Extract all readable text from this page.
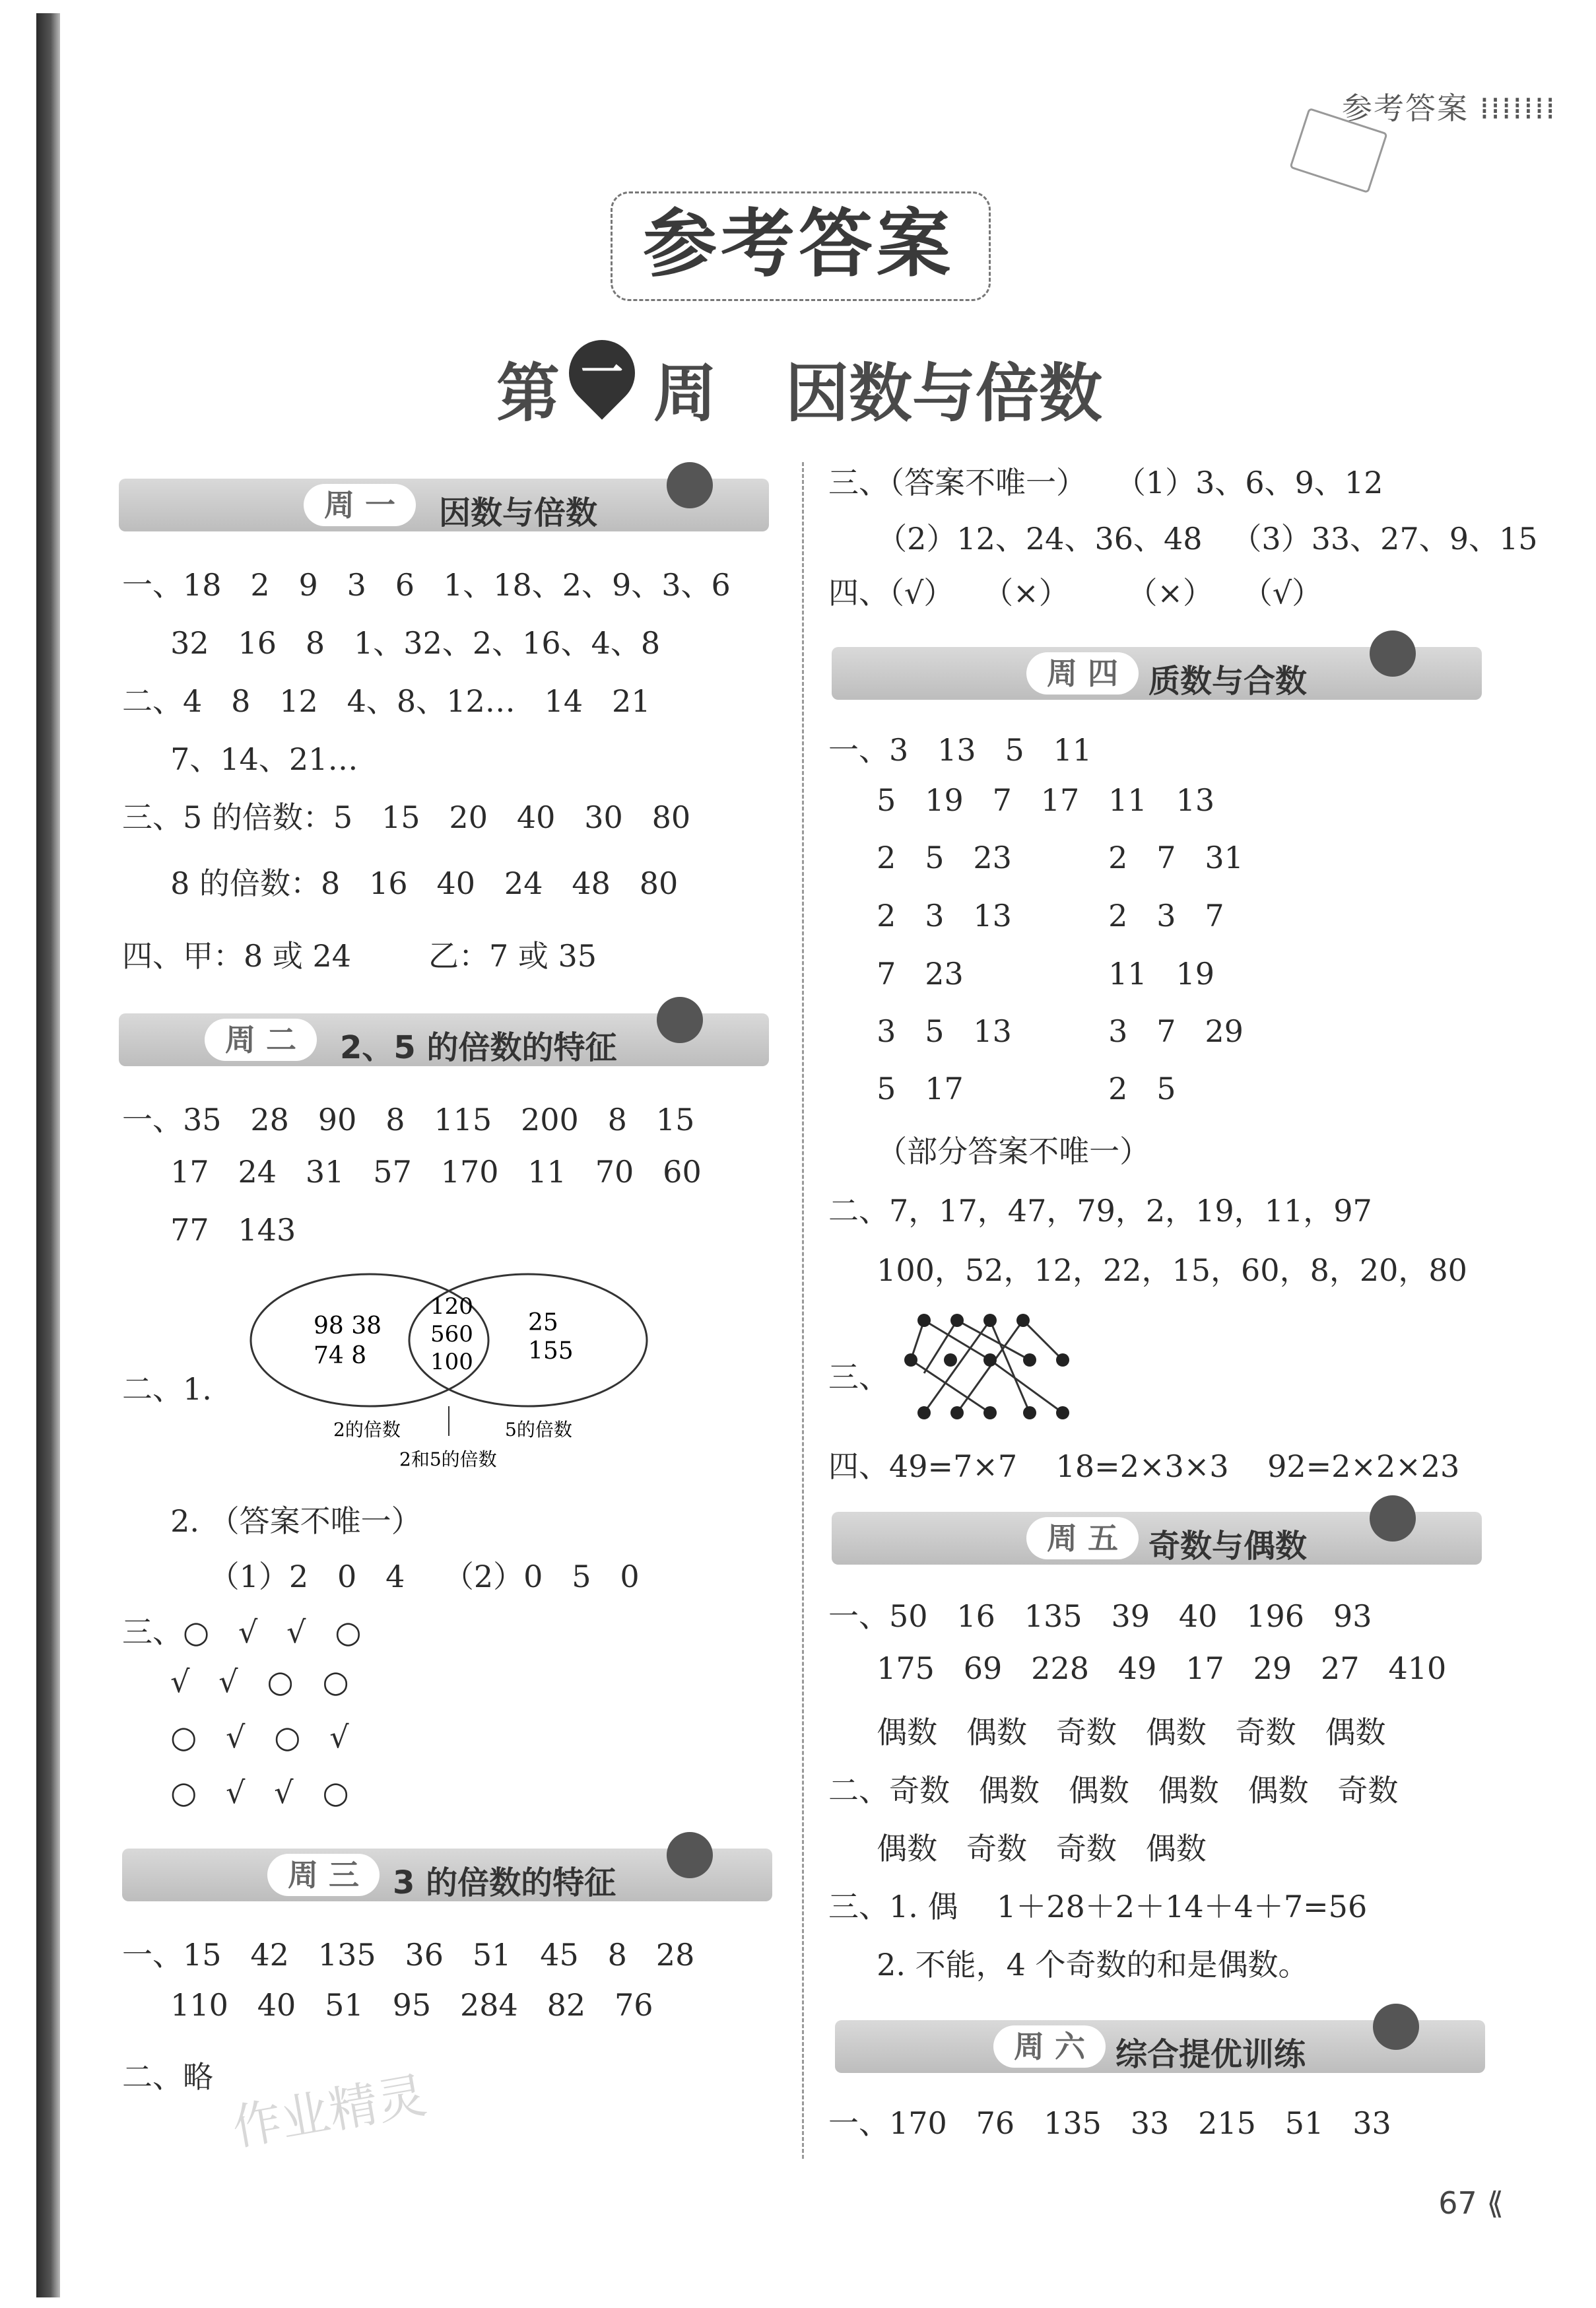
参考答案 ⁞⁞⁞⁞⁞⁞⁞
参考答案
第 一 周 因数与倍数
周 一	因数与倍数
一、18   2   9   3   6   1、18、2、9、3、6
32   16   8   1、32、2、16、4、8
二、4   8   12   4、8、12…   14   21
7、14、21…
三、5 的倍数：5   15   20   40   30   80
8 的倍数：8   16   40   24   48   80
四、甲：8 或 24        乙：7 或 35
周 二	2、5 的倍数的特征
一、35   28   90   8   115   200   8   15
17   24   31   57   170   11   70   60
77   143
二、1.
98 38
74 8
120
560
100
25
155
2的倍数	5的倍数
2和5的倍数
2. （答案不唯一）
（1）2   0   4    （2）0   5   0
三、○   √   √   ○
√   √   ○   ○
○   √   ○   √
○   √   √   ○
周 三	3 的倍数的特征
一、15   42   135   36   51   45   8   28
110   40   51   95   284   82   76
二、略 作业精灵
三、（答案不唯一）   （1）3、6、9、12
（2）12、24、36、48   （3）33、27、9、15
四、（√）   （×）      （×）   （√）
周 四 质数与合数
一、3   13   5   11
5   19   7   17   11   13
2   5   23          2   7   31
2   3   13          2   3   7
7   23               11   19
3   5   13          3   7   29
5   17               2   5
（部分答案不唯一）
二、7，17，47，79，2，19，11，97
100，52，12，22，15，60，8，20，80
三、
四、49=7×7    18=2×3×3    92=2×2×23
周 五 奇数与偶数
一、50   16   135   39   40   196   93
175   69   228   49   17   29   27   410
偶数   偶数   奇数   偶数   奇数   偶数
二、奇数   偶数   偶数   偶数   偶数   奇数
偶数   奇数   奇数   偶数
三、1. 偶    1＋28＋2＋14＋4＋7=56
2. 不能，4 个奇数的和是偶数。
周 六 综合提优训练
一、170   76   135   33   215   51   33
67 ⟪
